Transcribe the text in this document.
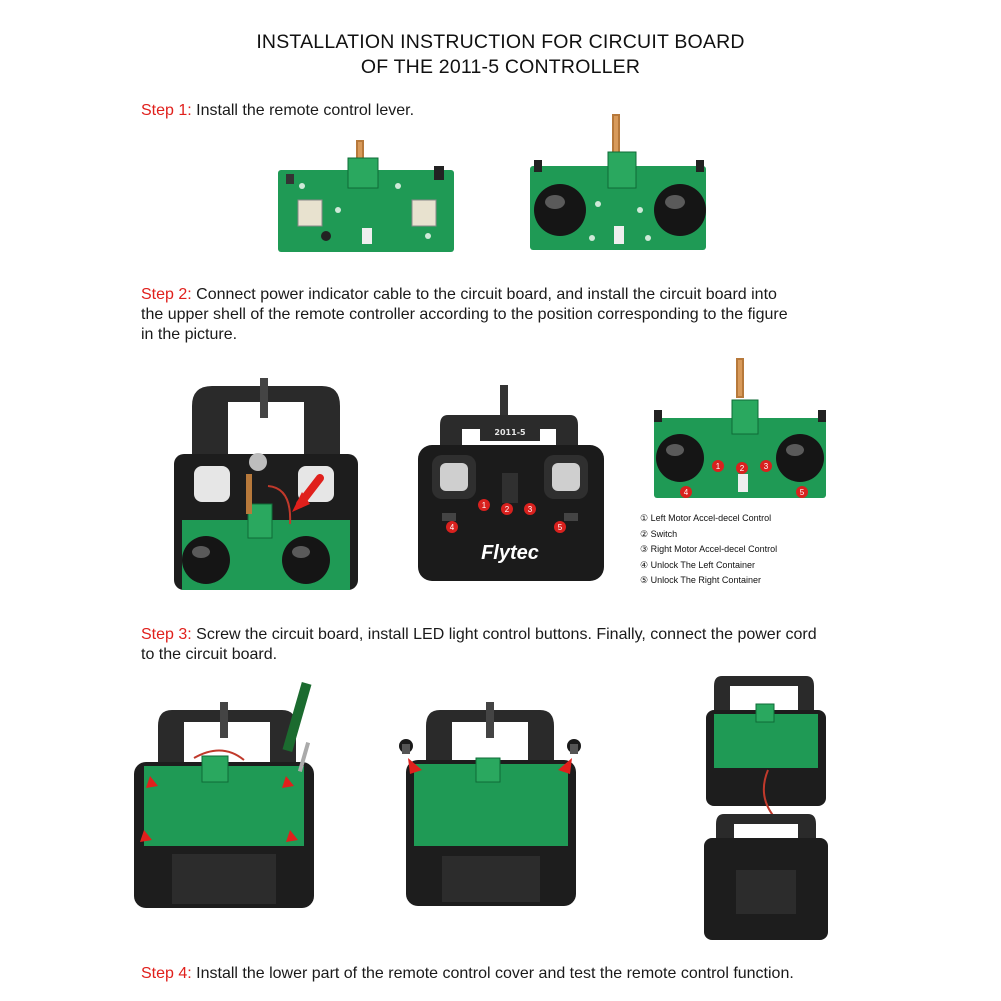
INSTALLATION INSTRUCTION FOR CIRCUIT BOARD
OF THE 2011-5 CONTROLLER
Step 1: Install the remote control lever.
Step 2: Connect power indicator cable to the circuit board, and install the circuit board into
the upper shell of the remote controller according to the position corresponding to the figure
in the picture.
2011-5
Flytec
1 2 3
4	5
1 2 3
4	5
① Left Motor Accel-decel Control
② Switch
③ Right Motor Accel-decel Control
④ Unlock The Left Container
⑤ Unlock The Right Container
Step 3: Screw the circuit board, install LED light control buttons. Finally, connect the power cord
to the circuit board.
Step 4: Install the lower part of the remote control cover and test the remote control function.
